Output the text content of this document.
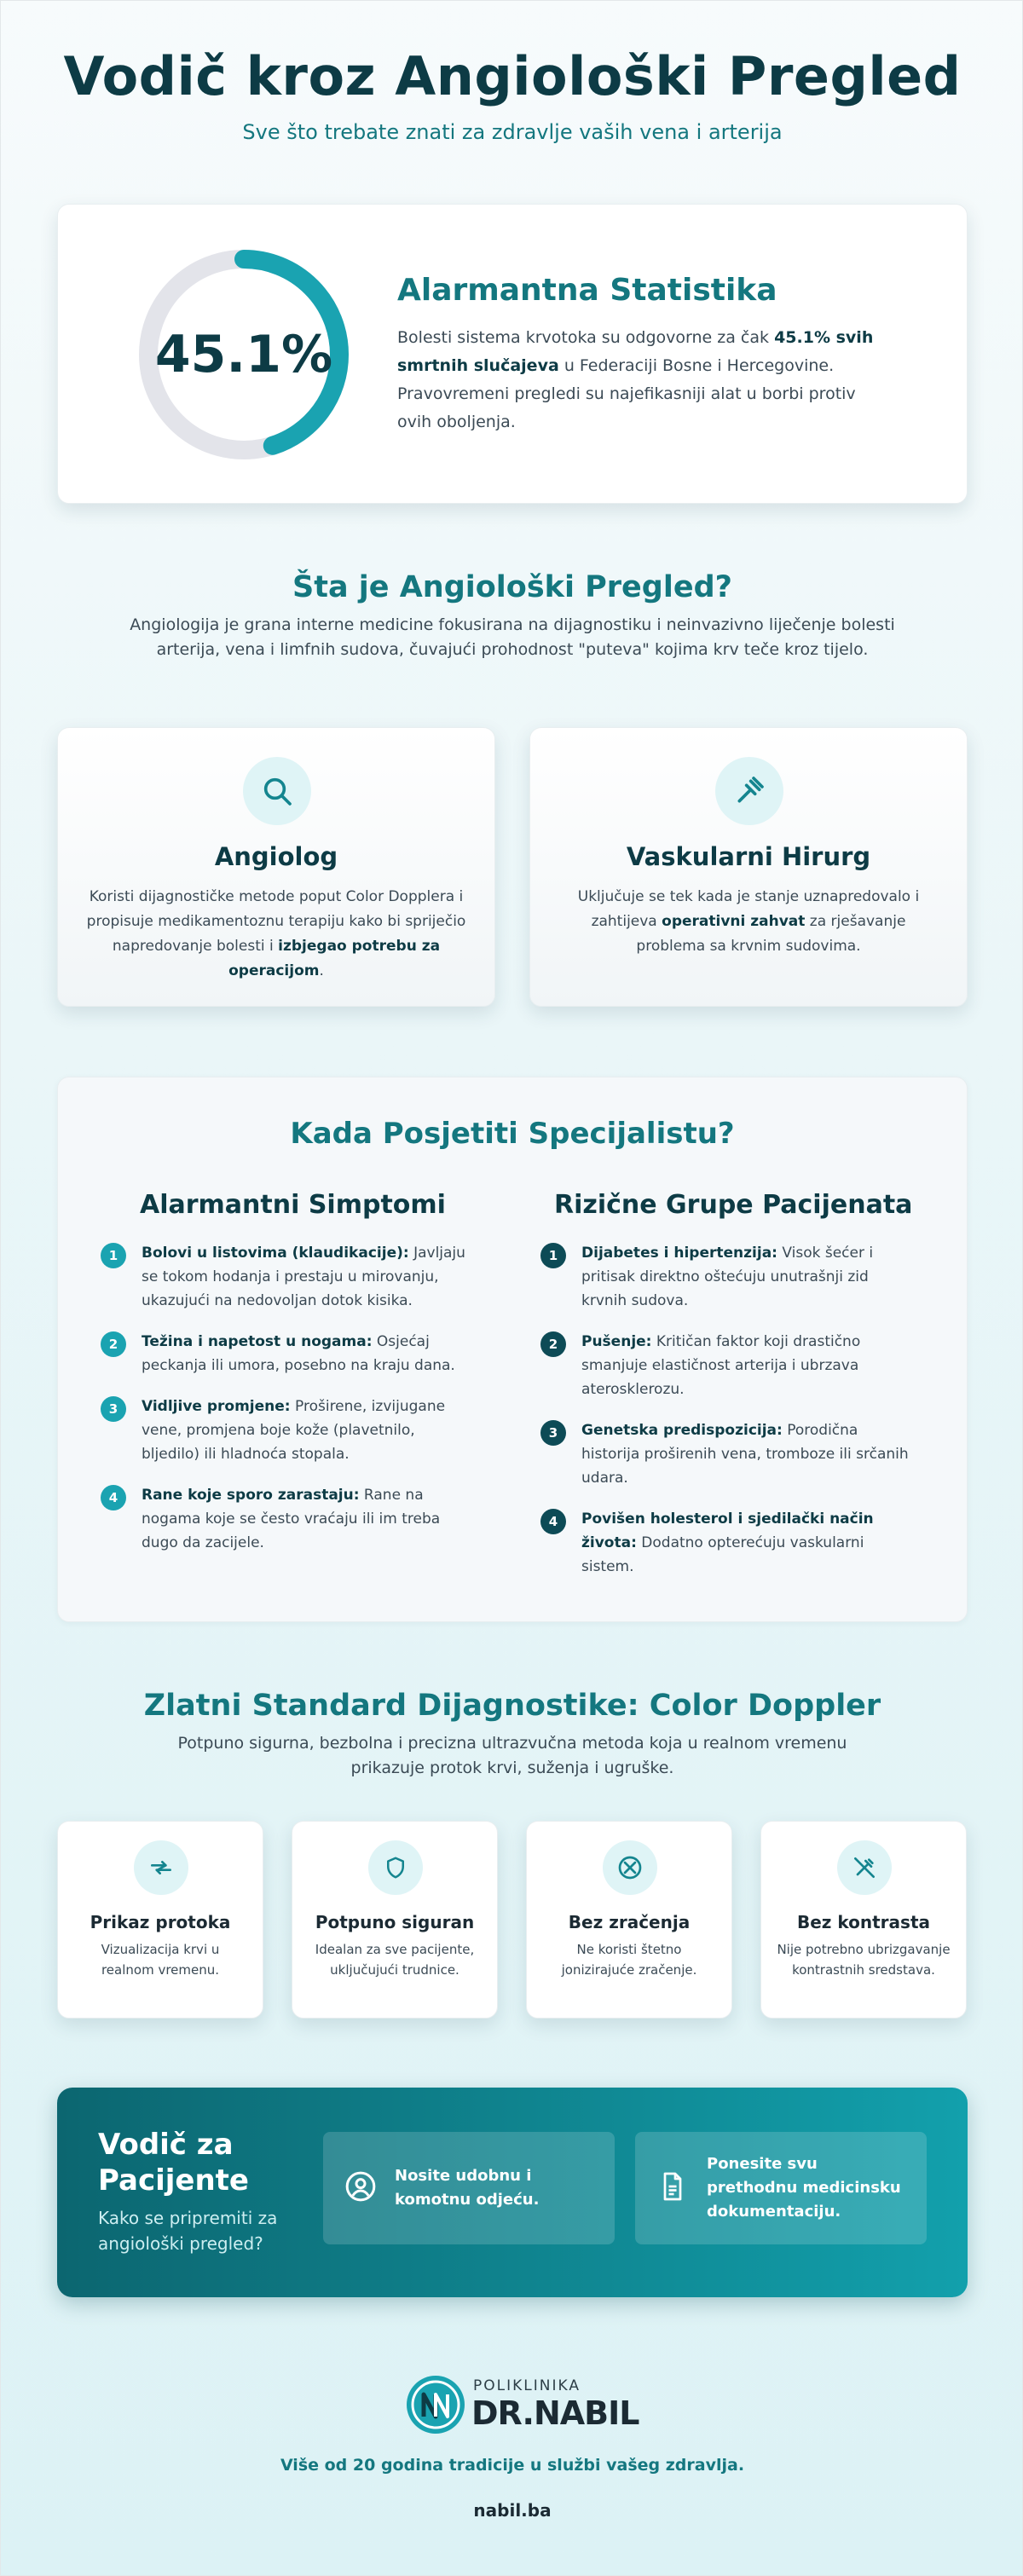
Vodič kroz Angiološki Pregled
Sve što trebate znati za zdravlje vaših vena i arterija
45.1%
Alarmantna Statistika

Bolesti sistema krvotoka su odgovorne za čak 45.1% svih smrtnih slučajeva u Federaciji Bosne i Hercegovine. Pravovremeni pregledi su najefikasniji alat u borbi protiv ovih oboljenja.

Šta je Angiološki Pregled?

Angiologija je grana interne medicine fokusirana na dijagnostiku i neinvazivno liječenje bolesti arterija, vena i limfnih sudova, čuvajući prohodnost "puteva" kojima krv teče kroz tijelo.

Angiolog

Koristi dijagnostičke metode poput Color Dopplera i propisuje medikamentoznu terapiju kako bi spriječio napredovanje bolesti i izbjegao potrebu za operacijom.

Vaskularni Hirurg

Uključuje se tek kada je stanje uznapredovalo i zahtijeva operativni zahvat za rješavanje problema sa krvnim sudovima.

Kada Posjetiti Specijalistu?
Alarmantni Simptomi
1	Bolovi u listovima (klaudikacije): Javljaju se tokom hodanja i prestaju u mirovanju, ukazujući na nedovoljan dotok kisika.
2	Težina i napetost u nogama: Osjećaj peckanja ili umora, posebno na kraju dana.
3	Vidljive promjene: Proširene, izvijugane vene, promjena boje kože (plavetnilo, bljedilo) ili hladnoća stopala.
4	Rane koje sporo zarastaju: Rane na nogama koje se često vraćaju ili im treba dugo da zacijele.
Rizične Grupe Pacijenata
1	Dijabetes i hipertenzija: Visok šećer i pritisak direktno oštećuju unutrašnji zid krvnih sudova.
2	Pušenje: Kritičan faktor koji drastično smanjuje elastičnost arterija i ubrzava aterosklerozu.
3	Genetska predispozicija: Porodična historija proširenih vena, tromboze ili srčanih udara.
4	Povišen holesterol i sjedilački način života: Dodatno opterećuju vaskularni sistem.
Zlatni Standard Dijagnostike: Color Doppler

Potpuno sigurna, bezbolna i precizna ultrazvučna metoda koja u realnom vremenu prikazuje protok krvi, suženja i ugruške.

Prikaz protoka

Vizualizacija krvi u realnom vremenu.

Potpuno siguran

Idealan za sve pacijente, uključujući trudnice.

Bez zračenja

Ne koristi štetno jonizirajuće zračenje.

Bez kontrasta

Nije potrebno ubrizgavanje kontrastnih sredstava.

Vodič za Pacijente

Kako se pripremiti za angiološki pregled?

Nosite udobnu i komotnu odjeću.

Ponesite svu prethodnu medicinsku dokumentaciju.

POLIKLINIKA
DR.NABIL

Više od 20 godina tradicije u službi vašeg zdravlja.

nabil.ba
